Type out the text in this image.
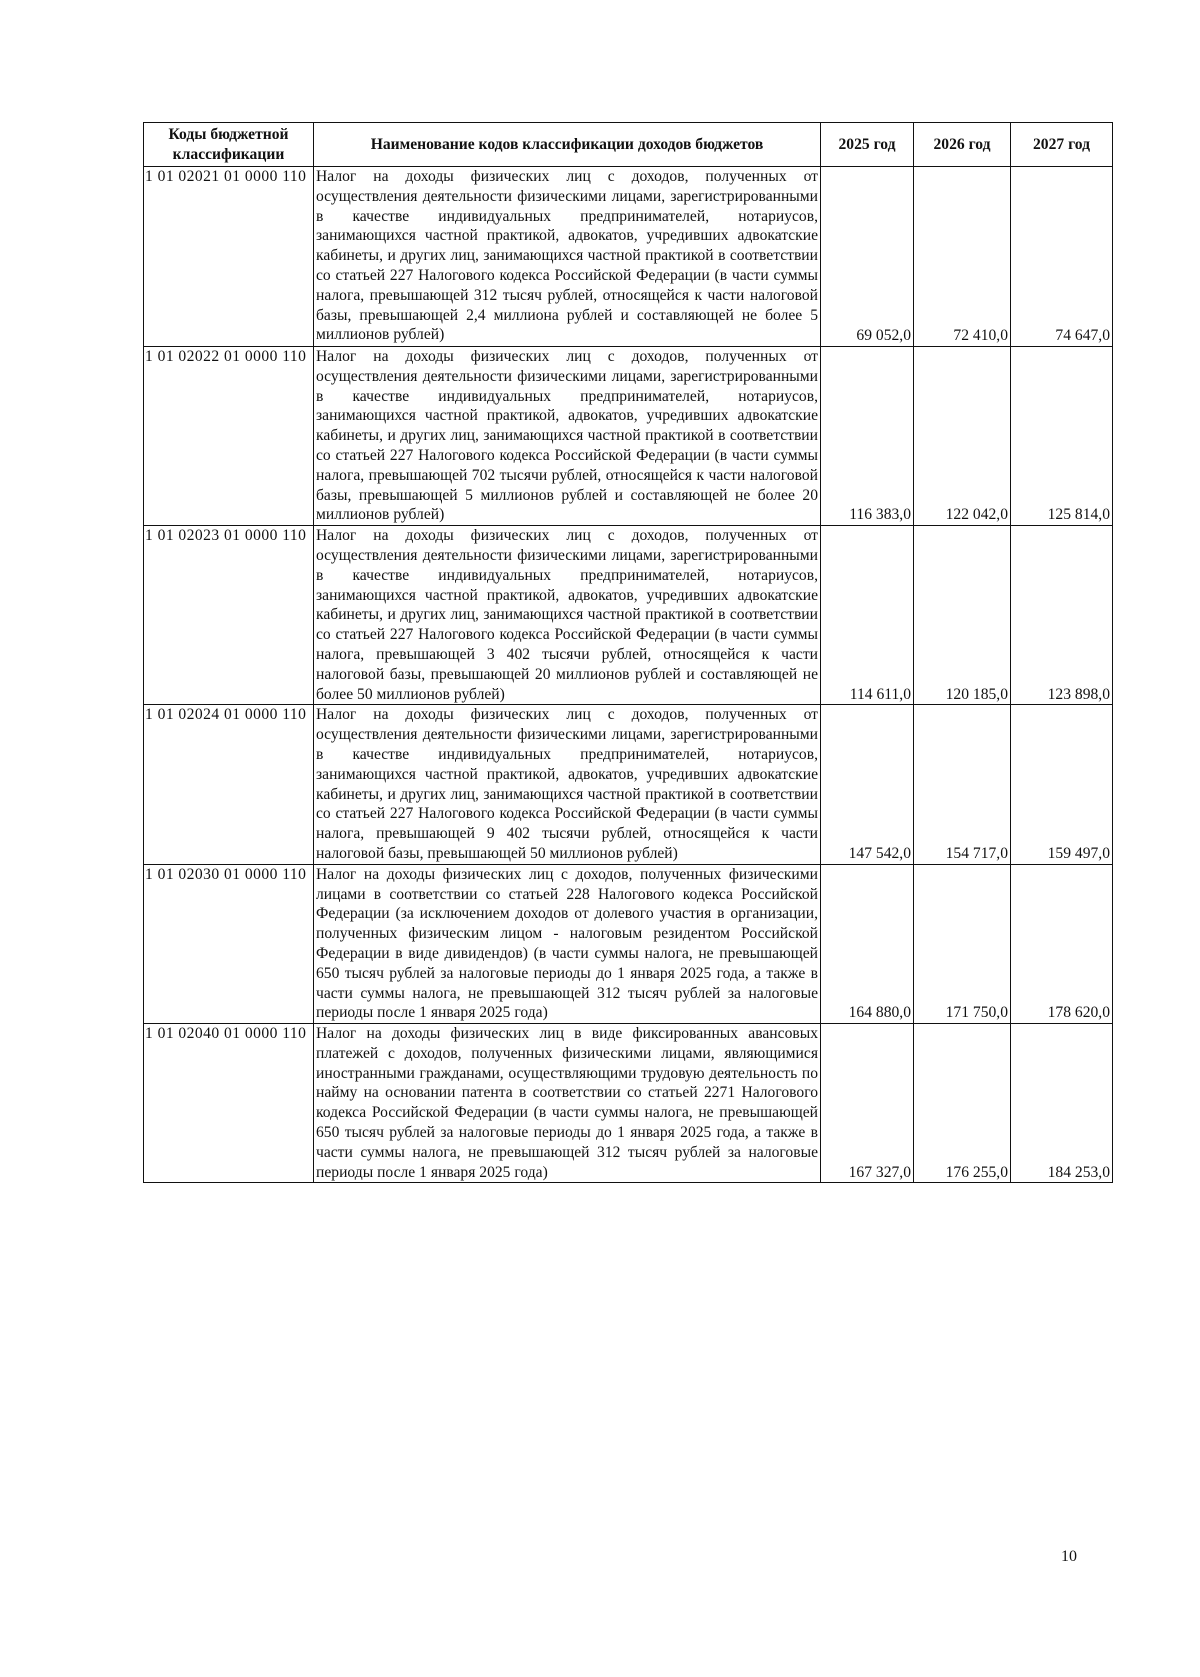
Коды бюджетной классификации	Наименование кодов классификации доходов бюджетов	2025 год	2026 год	2027 год
1 01 02021 01 0000 110	Налог на доходы физических лиц с доходов, полученных от осуществления деятельности физическими лицами, зарегистрированными в качестве индивидуальных предпринимателей, нотариусов, занимающихся частной практикой, адвокатов, учредивших адвокатские кабинеты, и других лиц, занимающихся частной практикой в соответствии со статьей 227 Налогового кодекса Российской Федерации (в части суммы налога, превышающей 312 тысяч рублей, относящейся к части налоговой базы, превышающей 2,4 миллиона рублей и составляющей не более 5 миллионов рублей)	69 052,0	72 410,0	74 647,0
1 01 02022 01 0000 110	Налог на доходы физических лиц с доходов, полученных от осуществления деятельности физическими лицами, зарегистрированными в качестве индивидуальных предпринимателей, нотариусов, занимающихся частной практикой, адвокатов, учредивших адвокатские кабинеты, и других лиц, занимающихся частной практикой в соответствии со статьей 227 Налогового кодекса Российской Федерации (в части суммы налога, превышающей 702 тысячи рублей, относящейся к части налоговой базы, превышающей 5 миллионов рублей и составляющей не более 20 миллионов рублей)	116 383,0	122 042,0	125 814,0
1 01 02023 01 0000 110	Налог на доходы физических лиц с доходов, полученных от осуществления деятельности физическими лицами, зарегистрированными в качестве индивидуальных предпринимателей, нотариусов, занимающихся частной практикой, адвокатов, учредивших адвокатские кабинеты, и других лиц, занимающихся частной практикой в соответствии со статьей 227 Налогового кодекса Российской Федерации (в части суммы налога, превышающей 3 402 тысячи рублей, относящейся к части налоговой базы, превышающей 20 миллионов рублей и составляющей не более 50 миллионов рублей)	114 611,0	120 185,0	123 898,0
1 01 02024 01 0000 110	Налог на доходы физических лиц с доходов, полученных от осуществления деятельности физическими лицами, зарегистрированными в качестве индивидуальных предпринимателей, нотариусов, занимающихся частной практикой, адвокатов, учредивших адвокатские кабинеты, и других лиц, занимающихся частной практикой в соответствии со статьей 227 Налогового кодекса Российской Федерации (в части суммы налога, превышающей 9 402 тысячи рублей, относящейся к части налоговой базы, превышающей 50 миллионов рублей)	147 542,0	154 717,0	159 497,0
1 01 02030 01 0000 110	Налог на доходы физических лиц с доходов, полученных физическими лицами в соответствии со статьей 228 Налогового кодекса Российской Федерации (за исключением доходов от долевого участия в организации, полученных физическим лицом - налоговым резидентом Российской Федерации в виде дивидендов) (в части суммы налога, не превышающей 650 тысяч рублей за налоговые периоды до 1 января 2025 года, а также в части суммы налога, не превышающей 312 тысяч рублей за налоговые периоды после 1 января 2025 года)	164 880,0	171 750,0	178 620,0
1 01 02040 01 0000 110	Налог на доходы физических лиц в виде фиксированных авансовых платежей с доходов, полученных физическими лицами, являющимися иностранными гражданами, осуществляющими трудовую деятельность по найму на основании патента в соответствии со статьей 2271 Налогового кодекса Российской Федерации (в части суммы налога, не превышающей 650 тысяч рублей за налоговые периоды до 1 января 2025 года, а также в части суммы налога, не превышающей 312 тысяч рублей за налоговые периоды после 1 января 2025 года)	167 327,0	176 255,0	184 253,0
10
